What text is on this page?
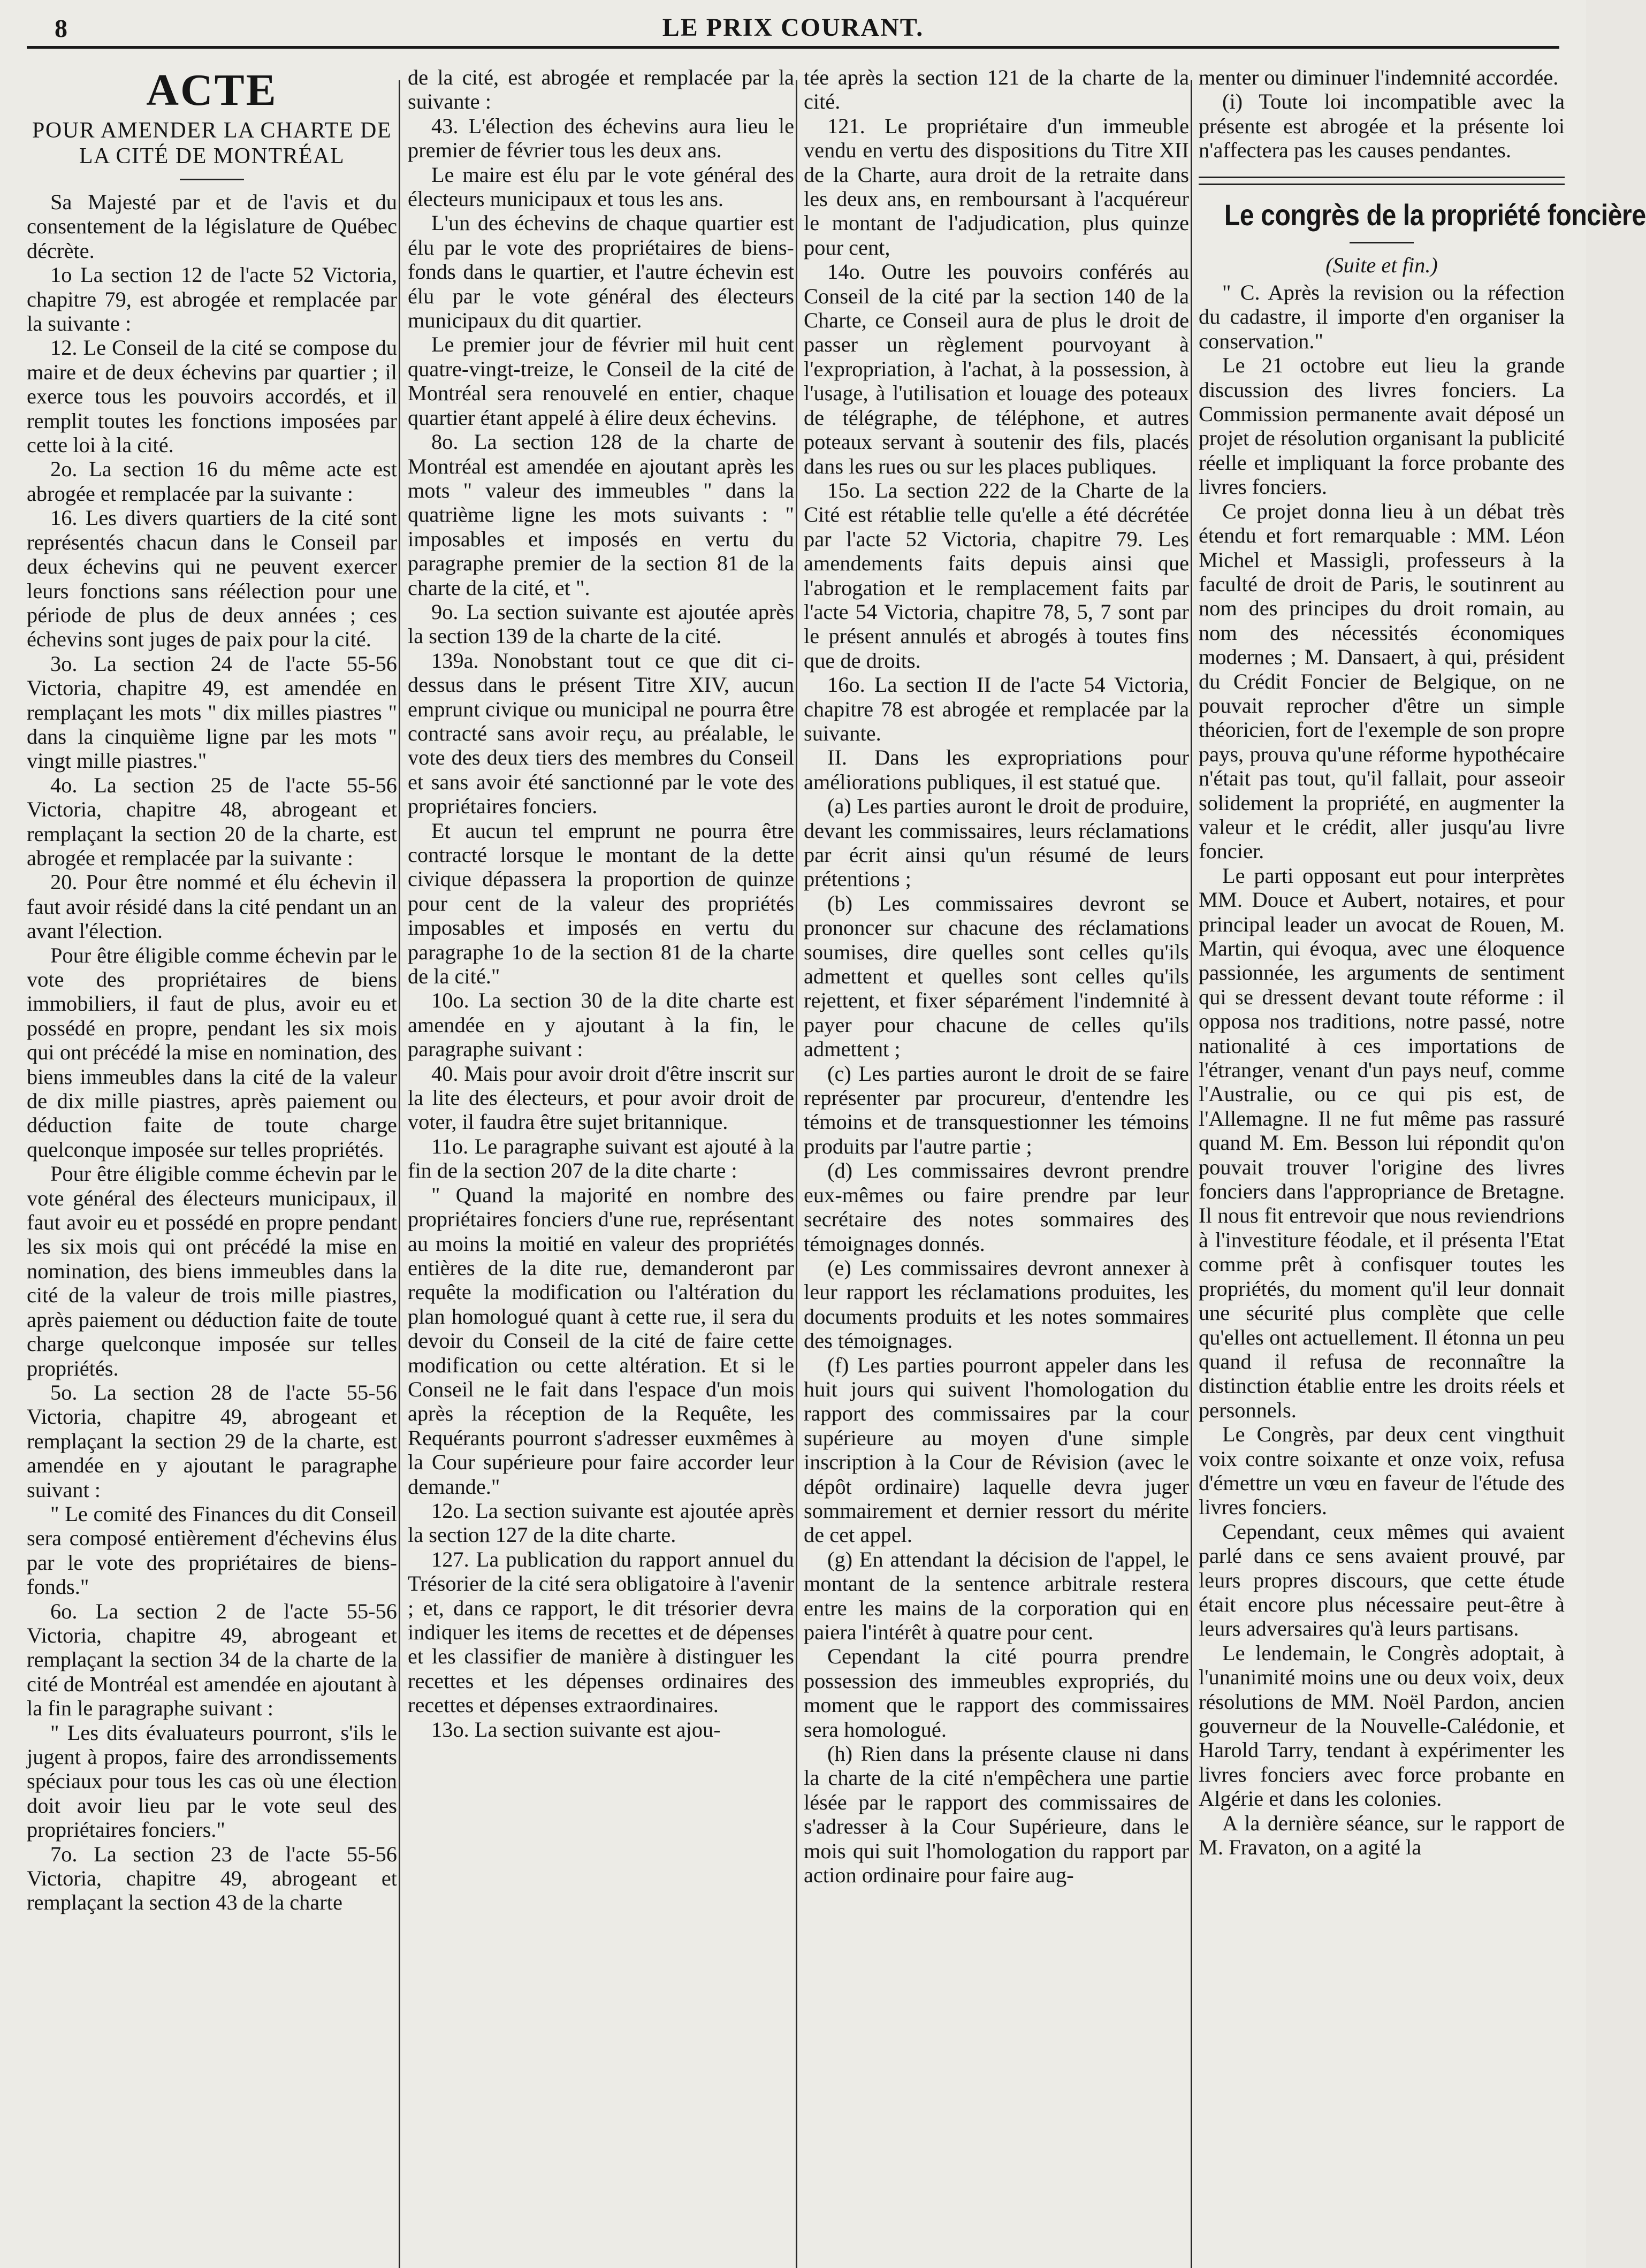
8	LE PRIX COURANT.
ACTE
POUR AMENDER LA CHARTE DE LA CITÉ DE MONTRÉAL

Sa Majesté par et de l'avis et du consentement de la législature de Québec décrète.

1o La section 12 de l'acte 52 Victoria, chapitre 79, est abrogée et remplacée par la suivante :

12. Le Conseil de la cité se compose du maire et de deux échevins par quartier ; il exerce tous les pouvoirs accordés, et il remplit toutes les fonctions imposées par cette loi à la cité.

2o. La section 16 du même acte est abrogée et remplacée par la suivante :

16. Les divers quartiers de la cité sont représentés chacun dans le Conseil par deux échevins qui ne peuvent exercer leurs fonctions sans réélection pour une période de plus de deux années ; ces échevins sont juges de paix pour la cité.

3o. La section 24 de l'acte 55-56 Victoria, chapitre 49, est amendée en remplaçant les mots " dix milles piastres " dans la cinquième ligne par les mots " vingt mille piastres."

4o. La section 25 de l'acte 55-56 Victoria, chapitre 48, abrogeant et remplaçant la section 20 de la charte, est abrogée et remplacée par la suivante :

20. Pour être nommé et élu échevin il faut avoir résidé dans la cité pendant un an avant l'élection.

Pour être éligible comme échevin par le vote des propriétaires de biens immobiliers, il faut de plus, avoir eu et possédé en propre, pendant les six mois qui ont précédé la mise en nomination, des biens immeubles dans la cité de la valeur de dix mille piastres, après paiement ou déduction faite de toute charge quelconque imposée sur telles propriétés.

Pour être éligible comme échevin par le vote général des électeurs municipaux, il faut avoir eu et possédé en propre pendant les six mois qui ont précédé la mise en nomination, des biens immeubles dans la cité de la valeur de trois mille piastres, après paiement ou déduction faite de toute charge quelconque imposée sur telles propriétés.

5o. La section 28 de l'acte 55-56 Victoria, chapitre 49, abrogeant et remplaçant la section 29 de la charte, est amendée en y ajoutant le paragraphe suivant :

" Le comité des Finances du dit Conseil sera composé entièrement d'échevins élus par le vote des propriétaires de biens-fonds."

6o. La section 2 de l'acte 55-56 Victoria, chapitre 49, abrogeant et remplaçant la section 34 de la charte de la cité de Montréal est amendée en ajoutant à la fin le paragraphe suivant :

" Les dits évaluateurs pourront, s'ils le jugent à propos, faire des arrondissements spéciaux pour tous les cas où une élection doit avoir lieu par le vote seul des propriétaires fonciers."

7o. La section 23 de l'acte 55-56 Victoria, chapitre 49, abrogeant et remplaçant la section 43 de la charte

de la cité, est abrogée et remplacée par la suivante :

43. L'élection des échevins aura lieu le premier de février tous les deux ans.

Le maire est élu par le vote général des électeurs municipaux et tous les ans.

L'un des échevins de chaque quartier est élu par le vote des propriétaires de biens-fonds dans le quartier, et l'autre échevin est élu par le vote général des électeurs municipaux du dit quartier.

Le premier jour de février mil huit cent quatre-vingt-treize, le Conseil de la cité de Montréal sera renouvelé en entier, chaque quartier étant appelé à élire deux échevins.

8o. La section 128 de la charte de Montréal est amendée en ajoutant après les mots " valeur des immeubles " dans la quatrième ligne les mots suivants : " imposables et imposés en vertu du paragraphe premier de la section 81 de la charte de la cité, et ".

9o. La section suivante est ajoutée après la section 139 de la charte de la cité.

139a. Nonobstant tout ce que dit ci-dessus dans le présent Titre XIV, aucun emprunt civique ou municipal ne pourra être contracté sans avoir reçu, au préalable, le vote des deux tiers des membres du Conseil et sans avoir été sanctionné par le vote des propriétaires fonciers.

Et aucun tel emprunt ne pourra être contracté lorsque le montant de la dette civique dépassera la proportion de quinze pour cent de la valeur des propriétés imposables et imposés en vertu du paragraphe 1o de la section 81 de la charte de la cité."

10o. La section 30 de la dite charte est amendée en y ajoutant à la fin, le paragraphe suivant :

40. Mais pour avoir droit d'être inscrit sur la lite des électeurs, et pour avoir droit de voter, il faudra être sujet britannique.

11o. Le paragraphe suivant est ajouté à la fin de la section 207 de la dite charte :

" Quand la majorité en nombre des propriétaires fonciers d'une rue, représentant au moins la moitié en valeur des propriétés entières de la dite rue, demanderont par requête la modification ou l'altération du plan homologué quant à cette rue, il sera du devoir du Conseil de la cité de faire cette modification ou cette altération. Et si le Conseil ne le fait dans l'espace d'un mois après la réception de la Requête, les Requérants pourront s'adresser euxmêmes à la Cour supérieure pour faire accorder leur demande."

12o. La section suivante est ajoutée après la section 127 de la dite charte.

127. La publication du rapport annuel du Trésorier de la cité sera obligatoire à l'avenir ; et, dans ce rapport, le dit trésorier devra indiquer les items de recettes et de dépenses et les classifier de manière à distinguer les recettes et les dépenses ordinaires des recettes et dépenses extraordinaires.

13o. La section suivante est ajou-

tée après la section 121 de la charte de la cité.

121. Le propriétaire d'un immeuble vendu en vertu des dispositions du Titre XII de la Charte, aura droit de la retraite dans les deux ans, en remboursant à l'acquéreur le montant de l'adjudication, plus quinze pour cent,

14o. Outre les pouvoirs conférés au Conseil de la cité par la section 140 de la Charte, ce Conseil aura de plus le droit de passer un règlement pourvoyant à l'expropriation, à l'achat, à la possession, à l'usage, à l'utilisation et louage des poteaux de télégraphe, de téléphone, et autres poteaux servant à soutenir des fils, placés dans les rues ou sur les places publiques.

15o. La section 222 de la Charte de la Cité est rétablie telle qu'elle a été décrétée par l'acte 52 Victoria, chapitre 79. Les amendements faits depuis ainsi que l'abrogation et le remplacement faits par l'acte 54 Victoria, chapitre 78, 5, 7 sont par le présent annulés et abrogés à toutes fins que de droits.

16o. La section II de l'acte 54 Victoria, chapitre 78 est abrogée et remplacée par la suivante.

II. Dans les expropriations pour améliorations publiques, il est statué que.

(a) Les parties auront le droit de produire, devant les commissaires, leurs réclamations par écrit ainsi qu'un résumé de leurs prétentions ;

(b) Les commissaires devront se prononcer sur chacune des réclamations soumises, dire quelles sont celles qu'ils admettent et quelles sont celles qu'ils rejettent, et fixer séparément l'indemnité à payer pour chacune de celles qu'ils admettent ;

(c) Les parties auront le droit de se faire représenter par procureur, d'entendre les témoins et de transquestionner les témoins produits par l'autre partie ;

(d) Les commissaires devront prendre eux-mêmes ou faire prendre par leur secrétaire des notes sommaires des témoignages donnés.

(e) Les commissaires devront annexer à leur rapport les réclamations produites, les documents produits et les notes sommaires des témoignages.

(f) Les parties pourront appeler dans les huit jours qui suivent l'homologation du rapport des commissaires par la cour supérieure au moyen d'une simple inscription à la Cour de Révision (avec le dépôt ordinaire) laquelle devra juger sommairement et dernier ressort du mérite de cet appel.

(g) En attendant la décision de l'appel, le montant de la sentence arbitrale restera entre les mains de la corporation qui en paiera l'intérêt à quatre pour cent.

Cependant la cité pourra prendre possession des immeubles expropriés, du moment que le rapport des commissaires sera homologué.

(h) Rien dans la présente clause ni dans la charte de la cité n'empêchera une partie lésée par le rapport des commissaires de s'adresser à la Cour Supérieure, dans le mois qui suit l'homologation du rapport par action ordinaire pour faire aug-

menter ou diminuer l'indemnité accordée.

(i) Toute loi incompatible avec la présente est abrogée et la présente loi n'affectera pas les causes pendantes.

Le congrès de la propriété foncière
(Suite et fin.)

" C. Après la revision ou la réfection du cadastre, il importe d'en organiser la conservation."

Le 21 octobre eut lieu la grande discussion des livres fonciers. La Commission permanente avait déposé un projet de résolution organisant la publicité réelle et impliquant la force probante des livres fonciers.

Ce projet donna lieu à un débat très étendu et fort remarquable : MM. Léon Michel et Massigli, professeurs à la faculté de droit de Paris, le soutinrent au nom des principes du droit romain, au nom des nécessités économiques modernes ; M. Dansaert, à qui, président du Crédit Foncier de Belgique, on ne pouvait reprocher d'être un simple théoricien, fort de l'exemple de son propre pays, prouva qu'une réforme hypothécaire n'était pas tout, qu'il fallait, pour asseoir solidement la propriété, en augmenter la valeur et le crédit, aller jusqu'au livre foncier.

Le parti opposant eut pour interprètes MM. Douce et Aubert, notaires, et pour principal leader un avocat de Rouen, M. Martin, qui évoqua, avec une éloquence passionnée, les arguments de sentiment qui se dressent devant toute réforme : il opposa nos traditions, notre passé, notre nationalité à ces importations de l'étranger, venant d'un pays neuf, comme l'Australie, ou ce qui pis est, de l'Allemagne. Il ne fut même pas rassuré quand M. Em. Besson lui répondit qu'on pouvait trouver l'origine des livres fonciers dans l'appropriance de Bretagne. Il nous fit entrevoir que nous reviendrions à l'investiture féodale, et il présenta l'Etat comme prêt à confisquer toutes les propriétés, du moment qu'il leur donnait une sécurité plus complète que celle qu'elles ont actuellement. Il étonna un peu quand il refusa de reconnaître la distinction établie entre les droits réels et personnels.

Le Congrès, par deux cent vingthuit voix contre soixante et onze voix, refusa d'émettre un vœu en faveur de l'étude des livres fonciers.

Cependant, ceux mêmes qui avaient parlé dans ce sens avaient prouvé, par leurs propres discours, que cette étude était encore plus nécessaire peut-être à leurs adversaires qu'à leurs partisans.

Le lendemain, le Congrès adoptait, à l'unanimité moins une ou deux voix, deux résolutions de MM. Noël Pardon, ancien gouverneur de la Nouvelle-Calédonie, et Harold Tarry, tendant à expérimenter les livres fonciers avec force probante en Algérie et dans les colonies.

A la dernière séance, sur le rapport de M. Fravaton, on a agité la
